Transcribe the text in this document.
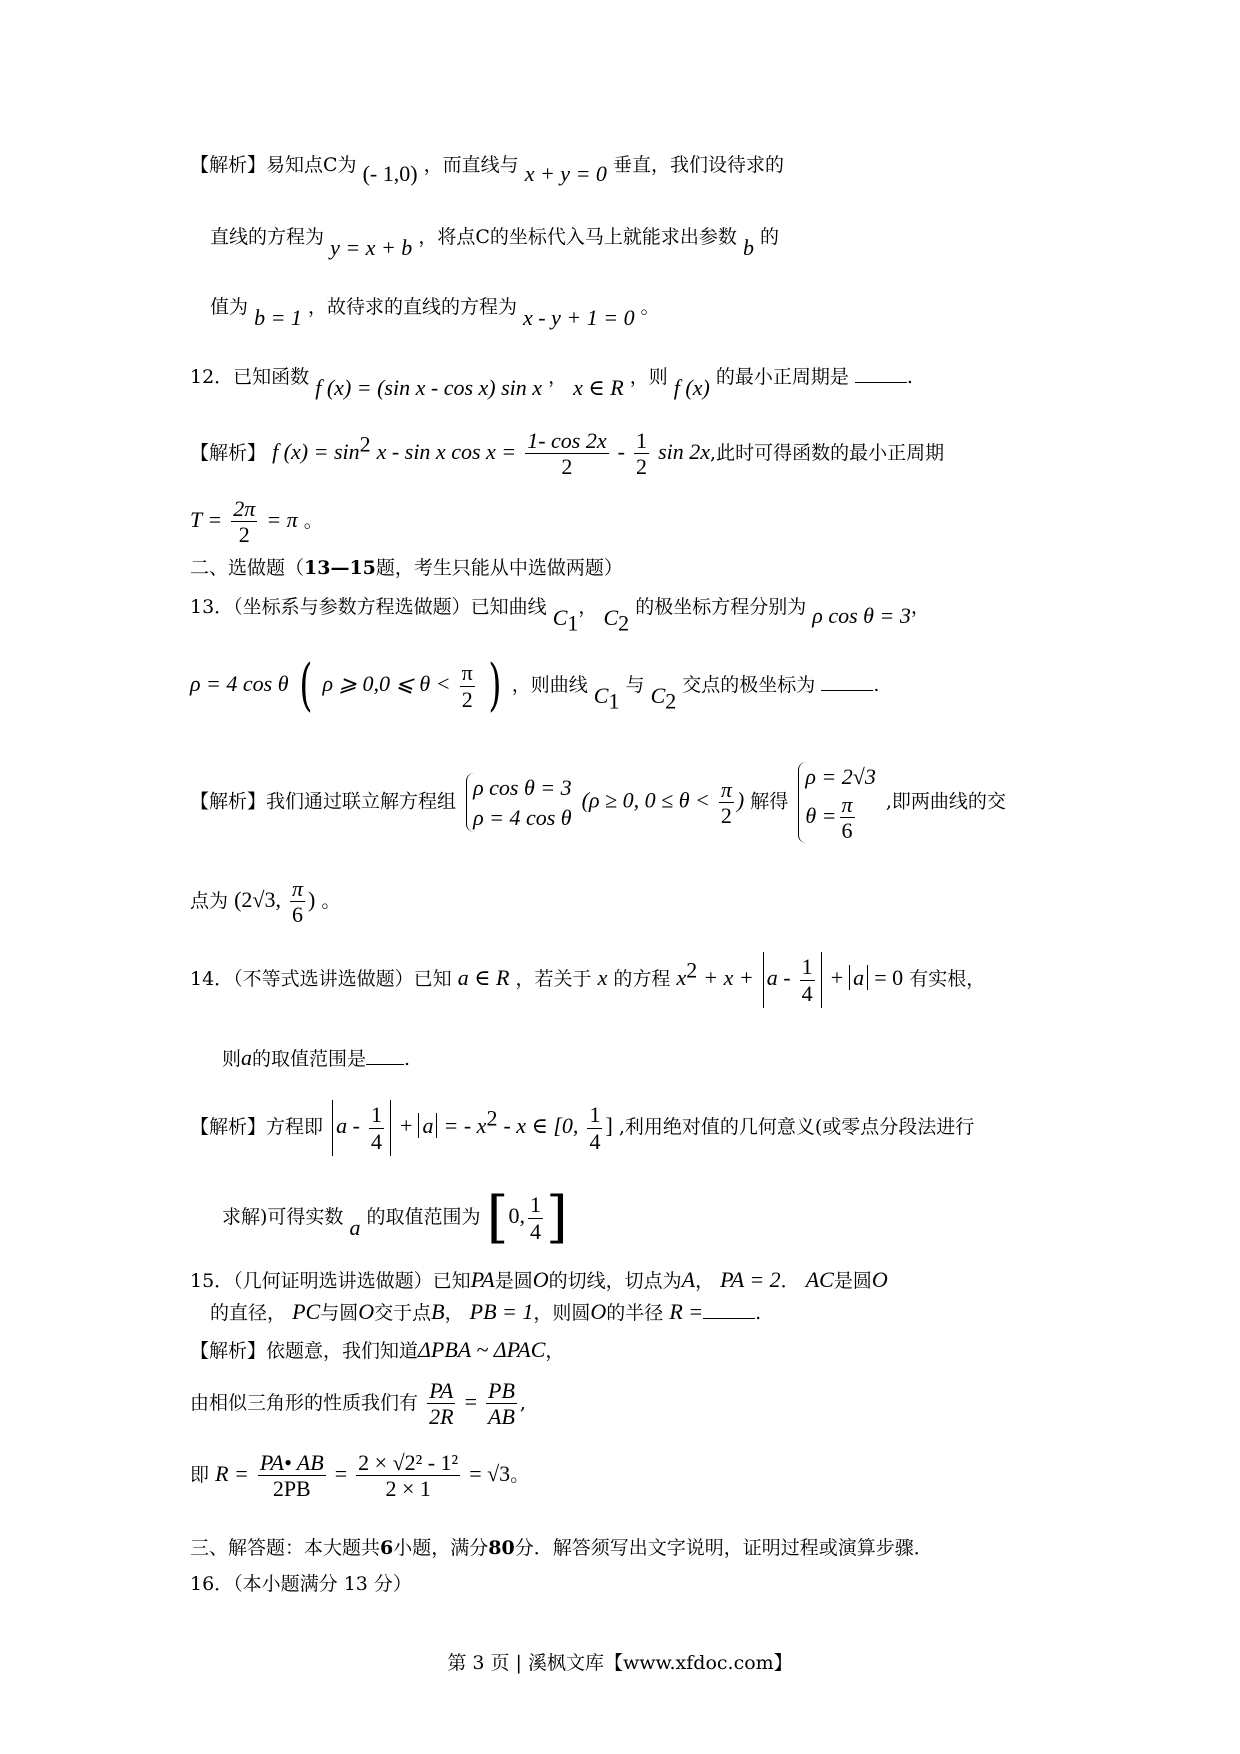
【解析】易知点C为 (- 1,0) ，而直线与 x + y = 0 垂直，我们设待求的
直线的方程为 y = x + b ，将点C的坐标代入马上就能求出参数 b 的
值为 b = 1 ，故待求的直线的方程为 x - y + 1 = 0 。
12．已知函数 f (x) = (sin x - cos x) sin x ， x ∈ R ，则 f (x) 的最小正周期是	.
【解析】 f $(x) = \sin^2 x - \sin x$ $\cos x = \frac{1- \cos 2x}{2} - \frac{1}{2}$ sin 2x,此时可得函数的最小正周期
$T = \frac{2\pi}{2} = \pi$ 。
二、选做题（13—15题，考生只能从中选做两题）
13．（坐标系与参数方程选做题）已知曲线 $C_1$， $C_2$ 的极坐标方程分别为 ρ cos θ = 3，
ρ = 4 cos θ ( ρ ⩾ 0,0 ⩽ $\theta < \frac{\pi}{2}$ ) ，则曲线 $C_1$ 与 $C_2$ 交点的极坐标为	.
【解析】我们通过联立解方程组
ρ cos θ = 3
ρ = 4 cos θ
(ρ ≥ 0, $0 \le \theta < \frac{\pi}{2}$ ) 解得
ρ = 2√3
$\theta = \frac{\pi}{6}$ ,即两曲线的交
点为 (2√3, $\frac{\pi}{6}$ ) 。
14．（不等式选讲选做题）已知 a ∈ R ，若关于 x 的方程 $x^2 + x + a - \frac{1}{4} + a = 0$ 有实根，
则a的取值范围是 .
【解析】方程即 $a - \frac{1}{4} + a$ = - $x^2$ - x ∈ [0, $\frac{1}{4}$ ] ,利用绝对值的几何意义(或零点分段法进行
求解)可得实数 a 的取值范围为 [0, $\frac{1}{4}$ ]
15．（几何证明选讲选做题）已知PA是圆O的切线，切点为A， PA = 2． AC是圆O
的直径， PC与圆O交于点B， PB = 1，则圆O的半径 R =	.
【解析】依题意，我们知道ΔPBA ~ ΔPAC，
由相似三角形的性质我们有 $\frac{PA}{2R} = \frac{PB}{AB}$ ,
即 $R = \frac{PA• AB}{2PB} = \frac{\text{2 × √2² - 1²}}{2 \times 1} = √3$。
三、解答题：本大题共6小题，满分80分．解答须写出文字说明，证明过程或演算步骤．
16．（本小题满分 13 分）
第 3 页 | 溪枫文库【www.xfdoc.com】
